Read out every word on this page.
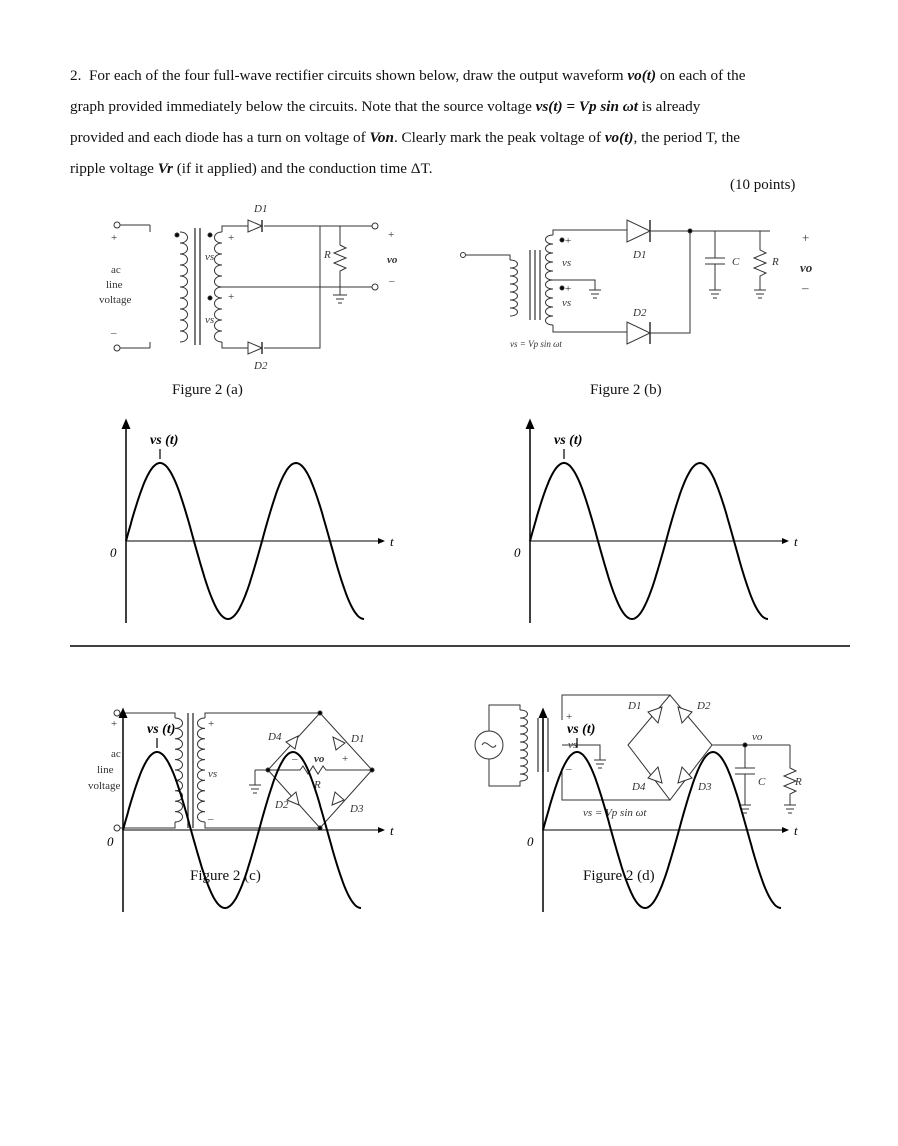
2. For each of the four full-wave rectifier circuits shown below, draw the output waveform vo(t) on each of the
graph provided immediately below the circuits. Note that the source voltage vs(t) = Vp sin ωt is already
provided and each diode has a turn on voltage of Von. Clearly mark the peak voltage of vo(t), the period T, the
ripple voltage Vr (if it applied) and the conduction time ΔT.
(10 points)
Figure 2 (a)	Figure 2 (b)
Figure 2 (c)	Figure 2 (d)
+
–
ac
line
voltage
D1
D2
vs
vs
R
+
vo
–
+
+
D1
D2
vs
vs
C	R
+
vo
–
+
+
vs = Vp sin ωt
+
ac
line
voltage
vs
+
–
D4	D1
D2	D3
vo
R
–	+
D1	D2
D4	D3	C	R
vo
+
vs
–
vs = Vp sin ωt
vs (t)
0
t
vs (t)
0
t
vs (t)
0
t
vs (t)
0
t
